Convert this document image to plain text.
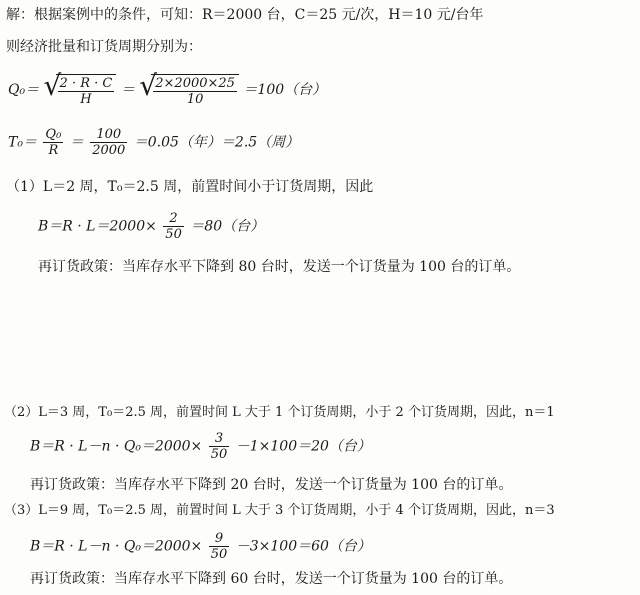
解：根据案例中的条件，可知：R＝2000 台，C＝25 元/次，H＝10 元/台年
则经济批量和订货周期分别为：
Q₀＝ √
$\frac{2 \cdot R \cdot C}{H}$ ＝ √
$\frac{2\times 2000\times 25}{10} =100$（台）
$T_0= \frac{\text{Q₀}}{R} = \frac{100}{2000} =0.05$（年）＝2.5（周）
（1）L＝2 周，T₀＝2.5 周，前置时间小于订货周期，因此
$B=R \cdot L=2000\times \frac{2}{50} =80$（台）
再订货政策：当库存水平下降到 80 台时，发送一个订货量为 100 台的订单。
（2）L＝3 周，T₀＝2.5 周，前置时间 L 大于 1 个订货周期，小于 2 个订货周期，因此，n＝1
$B=R \cdot L-n \cdot Q_0=2000\times \frac{3}{50} -1\times 100=20$（台）
再订货政策：当库存水平下降到 20 台时，发送一个订货量为 100 台的订单。
（3）L＝9 周，T₀＝2.5 周，前置时间 L 大于 3 个订货周期，小于 4 个订货周期，因此，n＝3
$B=R \cdot L-n \cdot Q_0=2000\times \frac{9}{50} -3\times 100=60$（台）
再订货政策：当库存水平下降到 60 台时，发送一个订货量为 100 台的订单。
